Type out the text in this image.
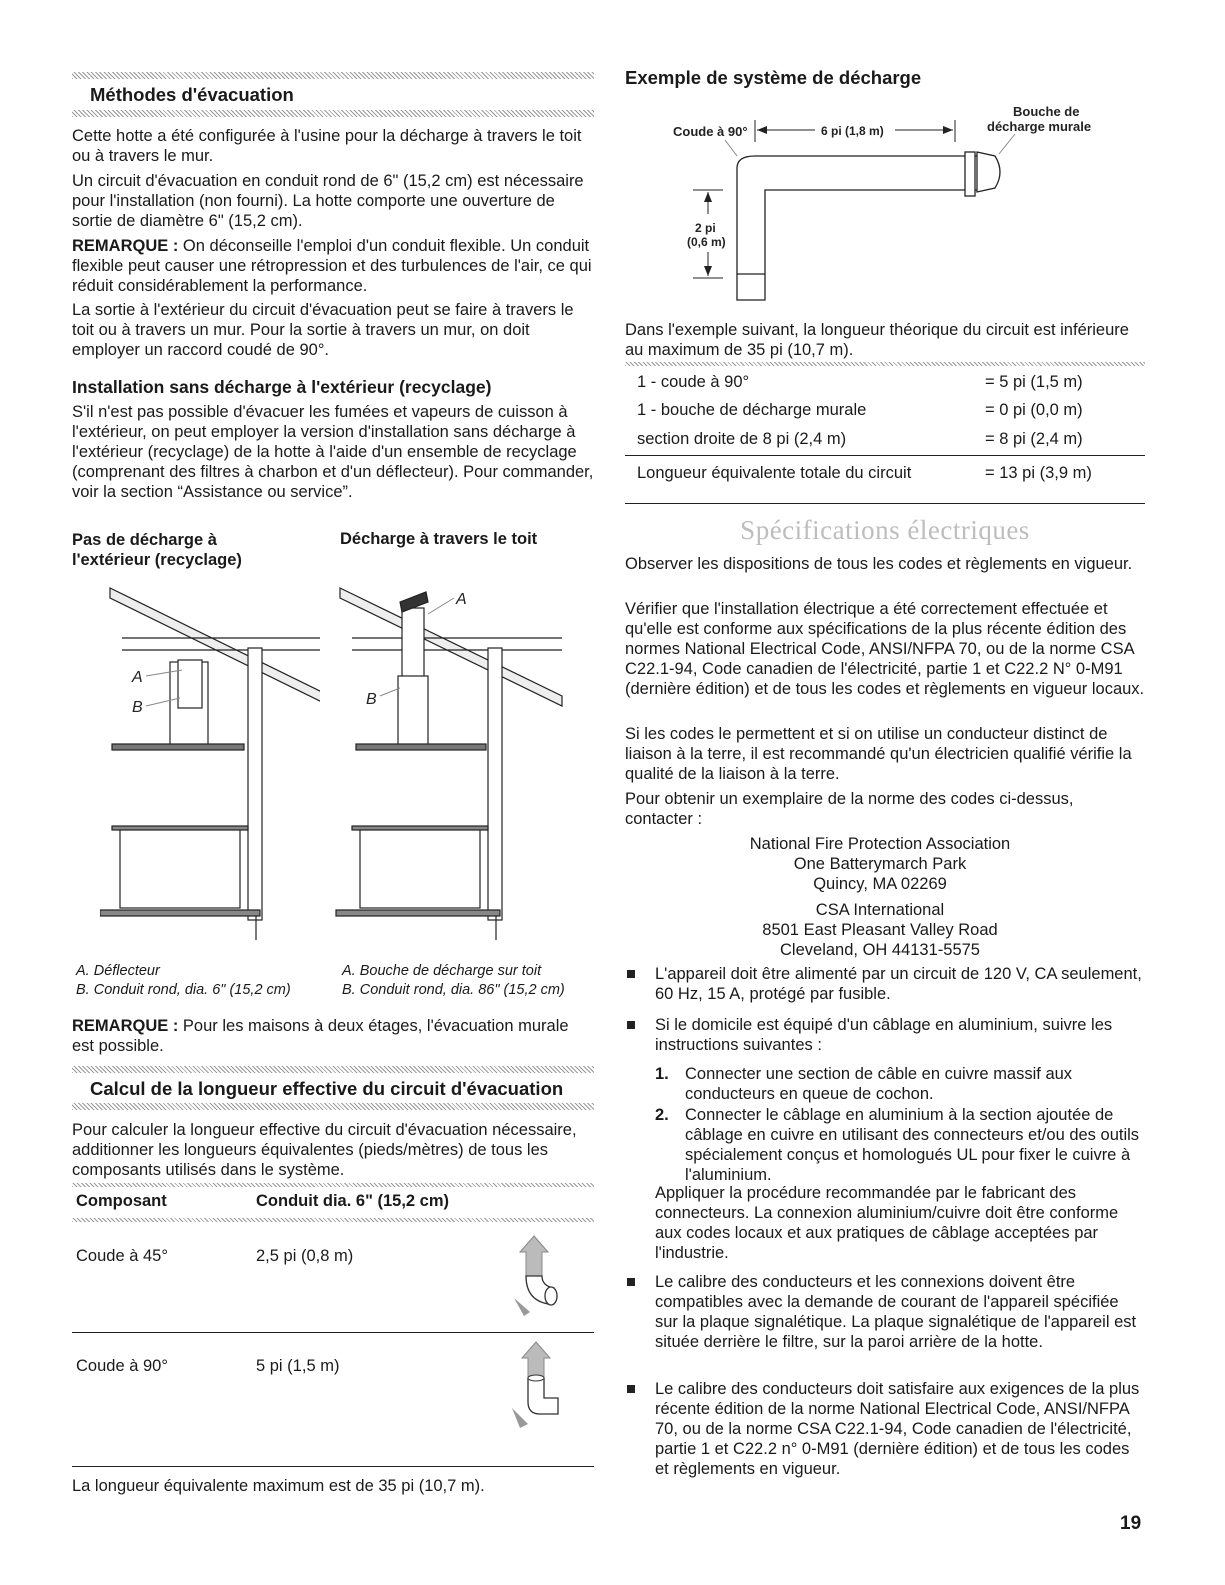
Méthodes d'évacuation

Cette hotte a été configurée à l'usine pour la décharge à travers le toit ou à travers le mur.

Un circuit d'évacuation en conduit rond de 6" (15,2 cm) est nécessaire pour l'installation (non fourni). La hotte comporte une ouverture de sortie de diamètre 6" (15,2 cm).

REMARQUE : On déconseille l'emploi d'un conduit flexible. Un conduit flexible peut causer une rétropression et des turbulences de l'air, ce qui réduit considérablement la performance.

La sortie à l'extérieur du circuit d'évacuation peut se faire à travers le toit ou à travers un mur. Pour la sortie à travers un mur, on doit employer un raccord coudé de 90°.

Installation sans décharge à l'extérieur (recyclage)

S'il n'est pas possible d'évacuer les fumées et vapeurs de cuisson à l'extérieur, on peut employer la version d'installation sans décharge à l'extérieur (recyclage) de la hotte à l'aide d'un ensemble de recyclage (comprenant des filtres à charbon et d'un déflecteur). Pour commander, voir la section “Assistance ou service”.

Pas de décharge à
l'extérieur (recyclage)
Décharge à travers le toit
A
B
A
B
A. Déflecteur
B. Conduit rond, dia. 6" (15,2 cm)
A. Bouche de décharge sur toit
B. Conduit rond, dia. 86" (15,2 cm)

REMARQUE : Pour les maisons à deux étages, l'évacuation murale est possible.

Calcul de la longueur effective du circuit d'évacuation

Pour calculer la longueur effective du circuit d'évacuation nécessaire, additionner les longueurs équivalentes (pieds/mètres) de tous les composants utilisés dans le système.

Composant	Conduit dia. 6" (15,2 cm)
Coude à 45°	2,5 pi (0,8 m)
Coude à 90°	5 pi (1,5 m)
La longueur équivalente maximum est de 35 pi (10,7 m).
Exemple de système de décharge
Coude à 90°	6 pi (1,8 m)
Bouche de
décharge murale
2 pi
(0,6 m)

Dans l'exemple suivant, la longueur théorique du circuit est inférieure au maximum de 35 pi (10,7 m).

1 - coude à 90°	= 5 pi (1,5 m)
1 - bouche de décharge murale	= 0 pi (0,0 m)
section droite de 8 pi (2,4 m)	= 8 pi (2,4 m)
Longueur équivalente totale du circuit	= 13 pi (3,9 m)
Spécifications électriques

Observer les dispositions de tous les codes et règlements en vigueur.

Vérifier que l'installation électrique a été correctement effectuée et qu'elle est conforme aux spécifications de la plus récente édition des normes National Electrical Code, ANSI/NFPA 70, ou de la norme CSA C22.1-94, Code canadien de l'électricité, partie 1 et C22.2 N° 0-M91 (dernière édition) et de tous les codes et règlements en vigueur locaux.

Si les codes le permettent et si on utilise un conducteur distinct de liaison à la terre, il est recommandé qu'un électricien qualifié vérifie la qualité de la liaison à la terre.

Pour obtenir un exemplaire de la norme des codes ci-dessus, contacter :

National Fire Protection Association
One Batterymarch Park
Quincy, MA 02269
CSA International
8501 East Pleasant Valley Road
Cleveland, OH 44131-5575

L'appareil doit être alimenté par un circuit de 120 V, CA seulement, 60 Hz, 15 A, protégé par fusible.

Si le domicile est équipé d'un câblage en aluminium, suivre les instructions suivantes :

1. Connecter une section de câble en cuivre massif aux conducteurs en queue de cochon.

2. Connecter le câblage en aluminium à la section ajoutée de câblage en cuivre en utilisant des connecteurs et/ou des outils spécialement conçus et homologués UL pour fixer le cuivre à l'aluminium.

Appliquer la procédure recommandée par le fabricant des connecteurs. La connexion aluminium/cuivre doit être conforme aux codes locaux et aux pratiques de câblage acceptées par l'industrie.

Le calibre des conducteurs et les connexions doivent être compatibles avec la demande de courant de l'appareil spécifiée sur la plaque signalétique. La plaque signalétique de l'appareil est située derrière le filtre, sur la paroi arrière de la hotte.

Le calibre des conducteurs doit satisfaire aux exigences de la plus récente édition de la norme National Electrical Code, ANSI/NFPA 70, ou de la norme CSA C22.1-94, Code canadien de l'électricité, partie 1 et C22.2 n° 0-M91 (dernière édition) et de tous les codes et règlements en vigueur.

19
